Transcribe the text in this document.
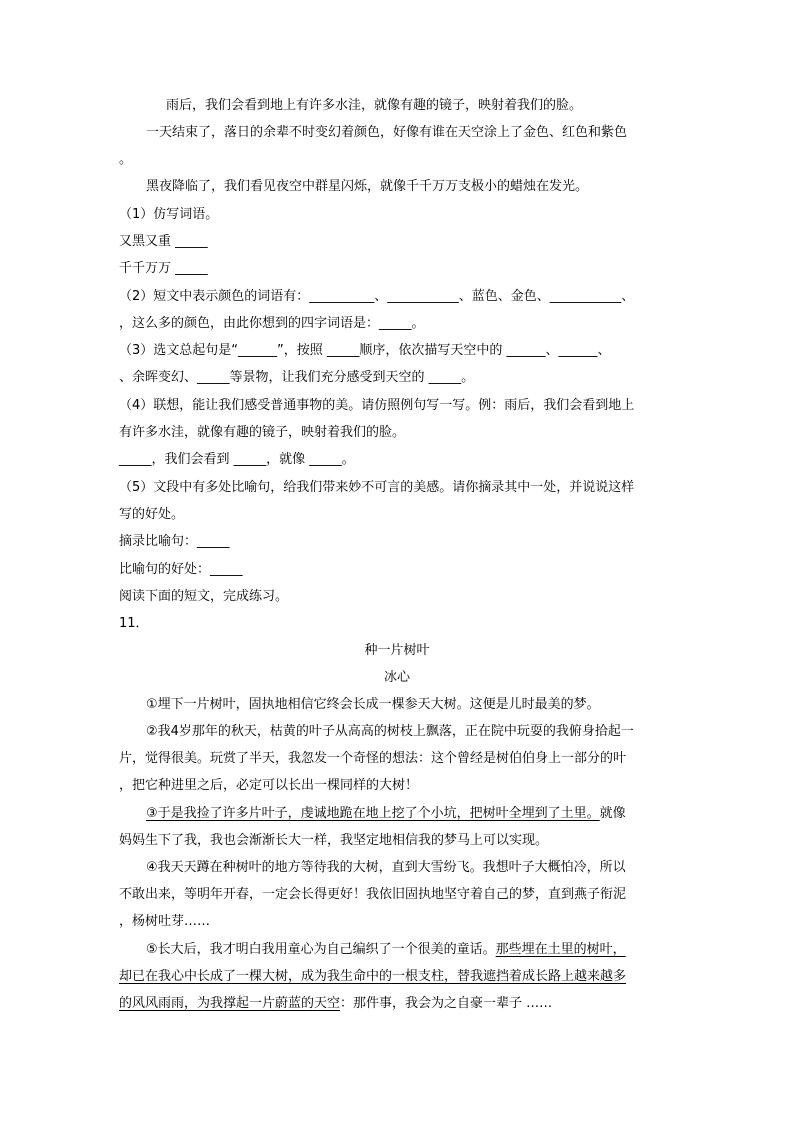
雨后，我们会看到地上有许多水洼，就像有趣的镜子，映射着我们的脸。
一天结束了，落日的余辈不时变幻着颜色，好像有谁在天空涂上了金色、红色和紫色
。
黑夜降临了，我们看见夜空中群星闪烁，就像千千万万支极小的蜡烛在发光。
（1）仿写词语。
又黑又重 _____
千千万万 _____
（2）短文中表示颜色的词语有：__________、___________、蓝色、金色、___________、
，这么多的颜色，由此你想到的四字词语是：_____。
（3）选文总起句是“______”，按照 _____顺序，依次描写天空中的 ______、______、
、余晖变幻、_____等景物，让我们充分感受到天空的 _____。
（4）联想，能让我们感受普通事物的美。请仿照例句写一写。例：雨后，我们会看到地上
有许多水洼，就像有趣的镜子，映射着我们的脸。
_____，我们会看到 _____，就像 _____。
（5）文段中有多处比喻句，给我们带来妙不可言的美感。请你摘录其中一处，并说说这样
写的好处。
摘录比喻句：_____
比喻句的好处：_____
阅读下面的短文，完成练习。
11．
种一片树叶
冰心
①埋下一片树叶，固执地相信它终会长成一棵参天大树。这便是儿时最美的梦。
②我4岁那年的秋天，枯黄的叶子从高高的树枝上飘落，正在院中玩耍的我俯身拾起一
片，觉得很美。玩赏了半天，我忽发一个奇怪的想法：这个曾经是树伯伯身上一部分的叶
，把它种进里之后，必定可以长出一棵同样的大树！
③于是我捡了许多片叶子，虔诚地跪在地上挖了个小坑，把树叶全埋到了土里。就像
妈妈生下了我，我也会渐渐长大一样，我坚定地相信我的梦马上可以实现。
④我天天蹲在种树叶的地方等待我的大树，直到大雪纷飞。我想叶子大概怕冷，所以
不敢出来，等明年开春，一定会长得更好！我依旧固执地坚守着自己的梦，直到燕子衔泥
，杨树吐芽……
⑤长大后，我才明白我用童心为自己编织了一个很美的童话。那些埋在土里的树叶，
却已在我心中长成了一棵大树，成为我生命中的一根支柱，替我遮挡着成长路上越来越多
的风风雨雨，为我撑起一片蔚蓝的天空：那件事，我会为之自豪一辈子 ……
